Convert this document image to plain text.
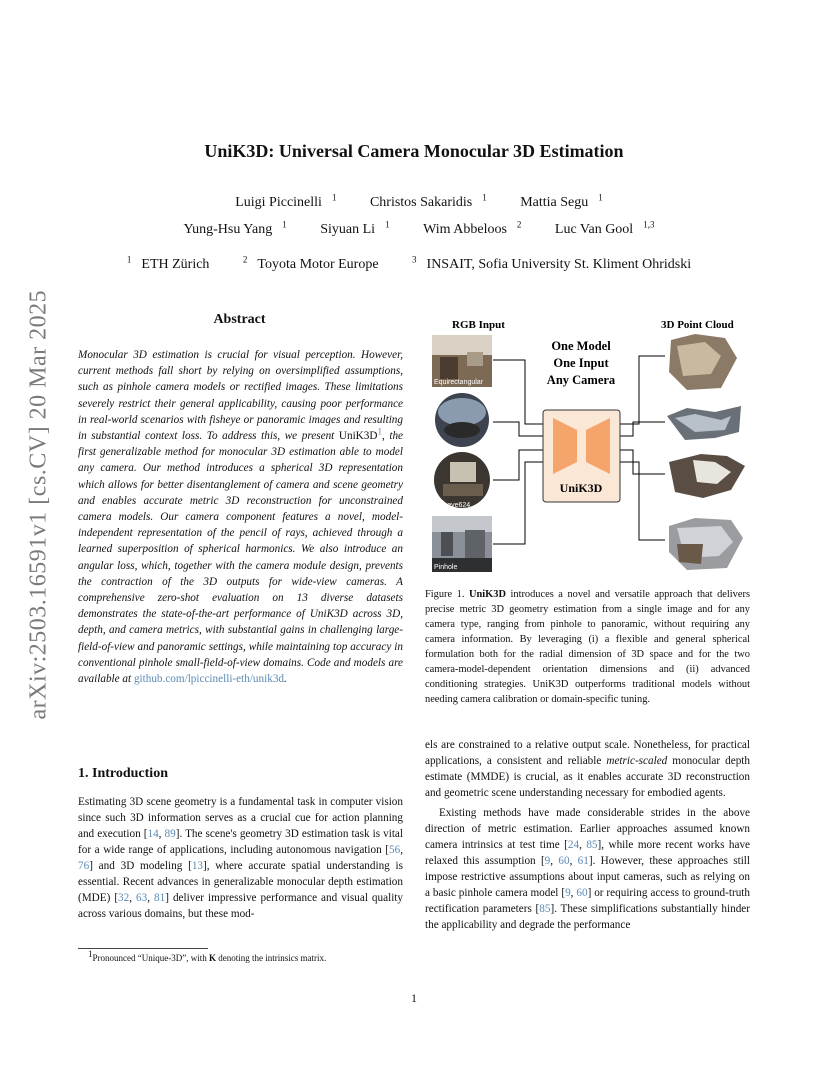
arXiv:2503.16591v1 [cs.CV] 20 Mar 2025
UniK3D: Universal Camera Monocular 3D Estimation
Luigi Piccinelli $^1$ Christos Sakaridis $^1$ Mattia Segu $^1$
Yung-Hsu Yang $^1$ Siyuan Li $^1$ Wim Abbeloos $^2$ Luc Van Gool $^{1,3}$
$^1$ ETH Zürich	$^2$ Toyota Motor Europe	$^3$ INSAIT, Sofia University St. Kliment Ohridski
Abstract
Monocular 3D estimation is crucial for visual perception. However, current methods fall short by relying on oversimplified assumptions, such as pinhole camera models or rectified images. These limitations severely restrict their general applicability, causing poor performance in real-world scenarios with fisheye or panoramic images and resulting in substantial context loss. To address this, we present $UniK3D^1$, the first generalizable method for monocular 3D estimation able to model any camera. Our method introduces a spherical 3D representation which allows for better disentanglement of camera and scene geometry and enables accurate metric 3D reconstruction for unconstrained camera models. Our camera component features a novel, model-independent representation of the pencil of rays, achieved through a learned superposition of spherical harmonics. We also introduce an angular loss, which, together with the camera module design, prevents the contraction of the 3D outputs for wide-view cameras. A comprehensive zero-shot evaluation on 13 diverse datasets demonstrates the state-of-the-art performance of UniK3D across 3D, depth, and camera metrics, with substantial gains in challenging large-field-of-view and panoramic settings, while maintaining top accuracy in conventional pinhole small-field-of-view domains. Code and models are available at github.com/lpiccinelli-eth/unik3d.
1. Introduction
Estimating 3D scene geometry is a fundamental task in computer vision since such 3D information serves as a crucial cue for action planning and execution [14, 89]. The scene's geometry 3D estimation task is vital for a wide range of applications, including autonomous navigation [56, 76] and 3D modeling [13], where accurate spatial understanding is essential. Recent advances in generalizable monocular depth estimation (MDE) [32, 63, 81] deliver impressive performance and visual quality across various domains, but these mod-
$^1$Pronounced “Unique-3D”, with K denoting the intrinsics matrix.
RGB Input	3D Point Cloud
One Model
One Input
Any Camera
Equirectangular
Mei
Fisheye624
Pinhole
UniK3D
Figure 1. UniK3D introduces a novel and versatile approach that delivers precise metric 3D geometry estimation from a single image and for any camera type, ranging from pinhole to panoramic, without requiring any camera information. By leveraging (i) a flexible and general spherical formulation both for the radial dimension of 3D space and for the two camera-model-dependent orientation dimensions and (ii) advanced conditioning strategies. UniK3D outperforms traditional models without needing camera calibration or domain-specific tuning.

els are constrained to a relative output scale. Nonetheless, for practical applications, a consistent and reliable metric-scaled monocular depth estimate (MMDE) is crucial, as it enables accurate 3D reconstruction and geometric scene understanding necessary for embodied agents.

Existing methods have made considerable strides in the above direction of metric estimation. Earlier approaches assumed known camera intrinsics at test time [24, 85], while more recent works have relaxed this assumption [9, 60, 61]. However, these approaches still impose restrictive assumptions about input cameras, such as relying on a basic pinhole camera model [9, 60] or requiring access to ground-truth rectification parameters [85]. These simplifications substantially hinder the applicability and degrade the performance

1
